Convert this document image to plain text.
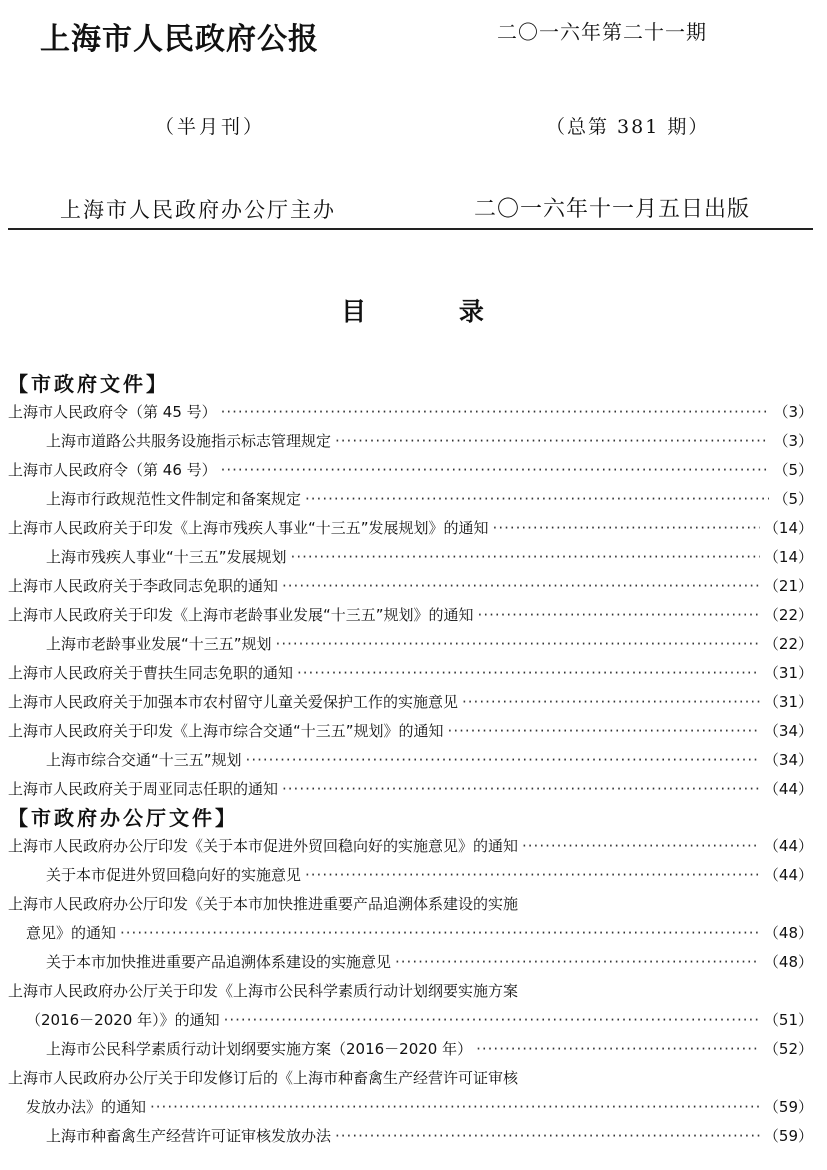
上海市人民政府公报	二〇一六年第二十一期
（半月刊）	（总第 381 期）
上海市人民政府办公厅主办	二〇一六年十一月五日出版
目 录
【市政府文件】
上海市人民政府令（第 45 号） ·····	（3）
上海市道路公共服务设施指示标志管理规定 ·····	（3）
上海市人民政府令（第 46 号） ·····	（5）
上海市行政规范性文件制定和备案规定 ·····	（5）
上海市人民政府关于印发《上海市残疾人事业“十三五”发展规划》的通知 ·····	（14）
上海市残疾人事业“十三五”发展规划 ·····	（14）
上海市人民政府关于李政同志免职的通知 ·····	（21）
上海市人民政府关于印发《上海市老龄事业发展“十三五”规划》的通知 ·····	（22）
上海市老龄事业发展“十三五”规划 ·····	（22）
上海市人民政府关于曹扶生同志免职的通知 ·····	（31）
上海市人民政府关于加强本市农村留守儿童关爱保护工作的实施意见 ·····	（31）
上海市人民政府关于印发《上海市综合交通“十三五”规划》的通知 ·····	（34）
上海市综合交通“十三五”规划 ·····	（34）
上海市人民政府关于周亚同志任职的通知 ·····	（44）
【市政府办公厅文件】
上海市人民政府办公厅印发《关于本市促进外贸回稳向好的实施意见》的通知 ·····	（44）
关于本市促进外贸回稳向好的实施意见 ·····	（44）
上海市人民政府办公厅印发《关于本市加快推进重要产品追溯体系建设的实施
意见》的通知 ·····	（48）
关于本市加快推进重要产品追溯体系建设的实施意见 ·····	（48）
上海市人民政府办公厅关于印发《上海市公民科学素质行动计划纲要实施方案
（2016－2020 年）》的通知 ·····	（51）
上海市公民科学素质行动计划纲要实施方案（2016－2020 年） ·····	（52）
上海市人民政府办公厅关于印发修订后的《上海市种畜禽生产经营许可证审核
发放办法》的通知 ·····	（59）
上海市种畜禽生产经营许可证审核发放办法 ·····	（59）
